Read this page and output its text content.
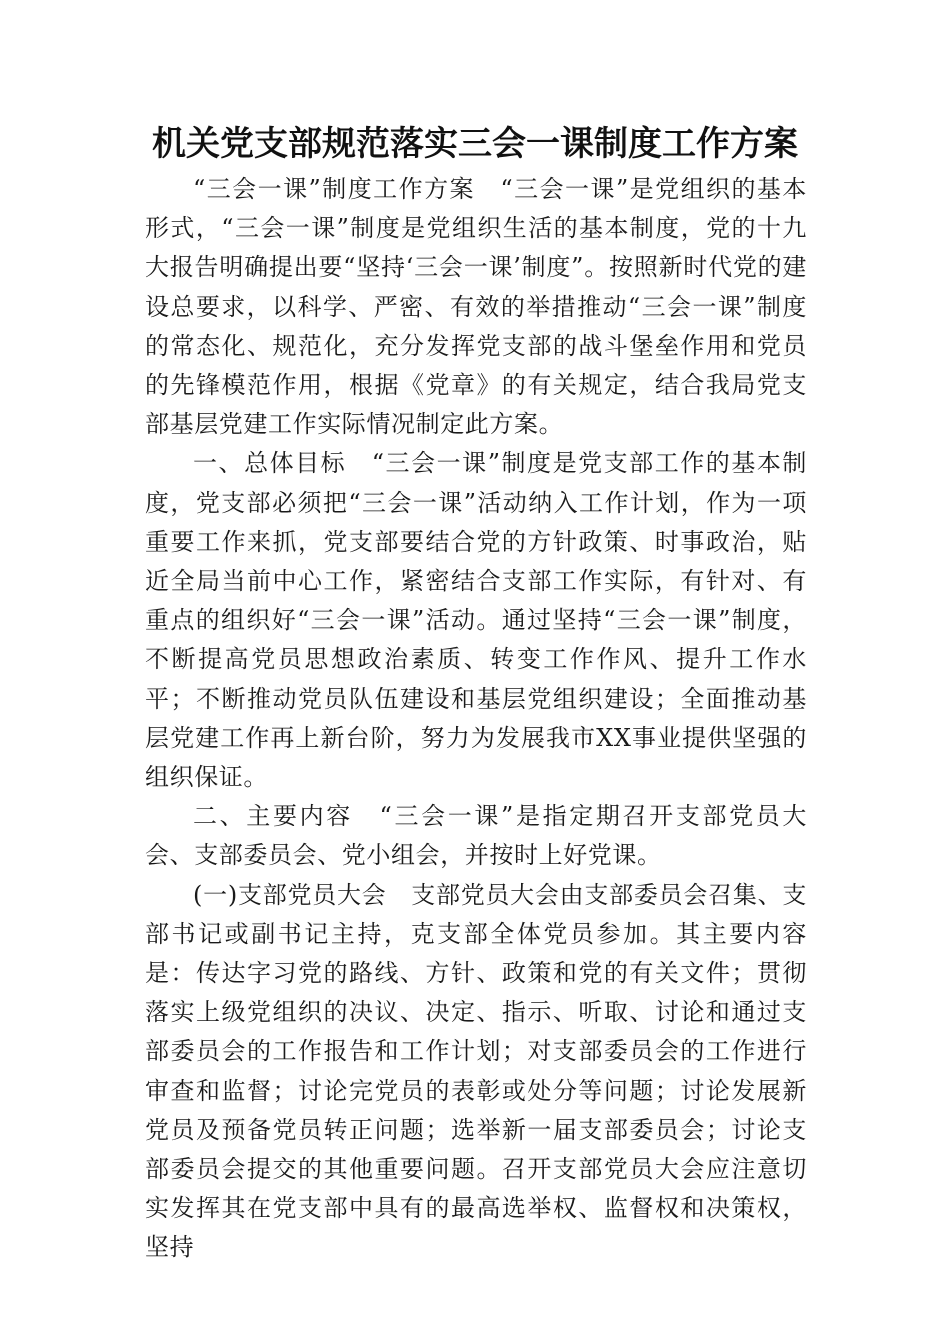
机关党支部规范落实三会一课制度工作方案

“三会一课”制度工作方案　“三会一课”是党组织的基本形式，“三会一课”制度是党组织生活的基本制度，党的十九大报告明确提出要“坚持‘三会一课’制度”。按照新时代党的建设总要求，以科学、严密、有效的举措推动“三会一课”制度的常态化、规范化，充分发挥党支部的战斗堡垒作用和党员的先锋模范作用，根据《党章》的有关规定，结合我局党支部基层党建工作实际情况制定此方案。

一、总体目标　“三会一课”制度是党支部工作的基本制度，党支部必须把“三会一课”活动纳入工作计划，作为一项重要工作来抓，党支部要结合党的方针政策、时事政治，贴近全局当前中心工作，紧密结合支部工作实际，有针对、有重点的组织好“三会一课”活动。通过坚持“三会一课”制度，不断提高党员思想政治素质、转变工作作风、提升工作水平；不断推动党员队伍建设和基层党组织建设；全面推动基层党建工作再上新台阶，努力为发展我市XX事业提供坚强的组织保证。

二、主要内容　“三会一课”是指定期召开支部党员大会、支部委员会、党小组会，并按时上好党课。

(一)支部党员大会　支部党员大会由支部委员会召集、支部书记或副书记主持，克支部全体党员参加。其主要内容是：传达字习党的路线、方针、政策和党的有关文件；贯彻落实上级党组织的决议、决定、指示、听取、讨论和通过支部委员会的工作报告和工作计划；对支部委员会的工作进行审查和监督；讨论完党员的表彰或处分等问题；讨论发展新党员及预备党员转正问题；选举新一届支部委员会；讨论支部委员会提交的其他重要问题。召开支部党员大会应注意切实发挥其在党支部中具有的最高选举权、监督权和决策权，坚持
